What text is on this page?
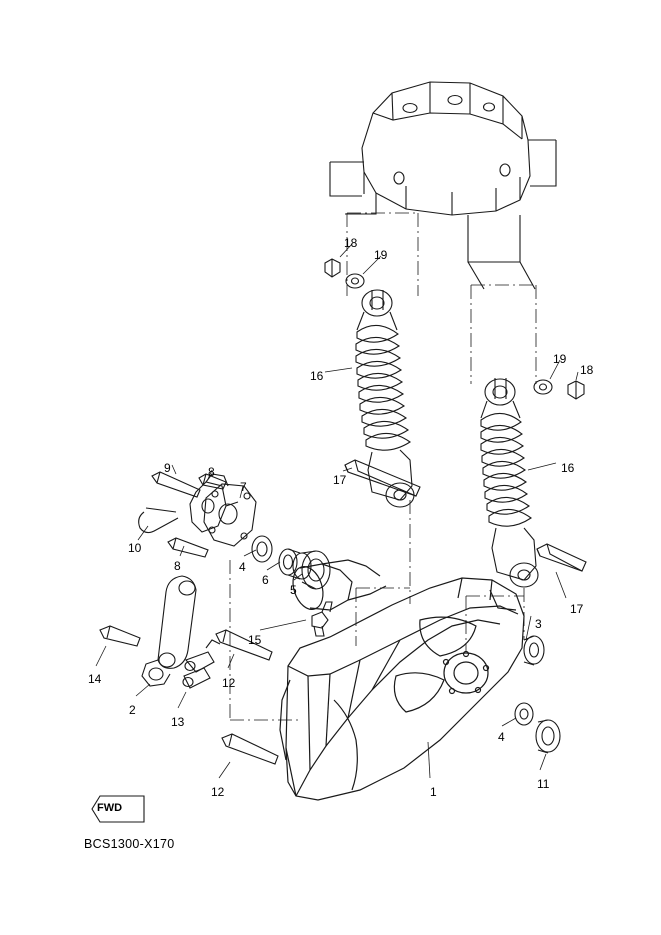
18
19
16
17
19
18
16
17
9	8
7
10
8	4
6
5
15
3
14	12
2
13
4
11
12	1
FWD
BCS1300-X170
